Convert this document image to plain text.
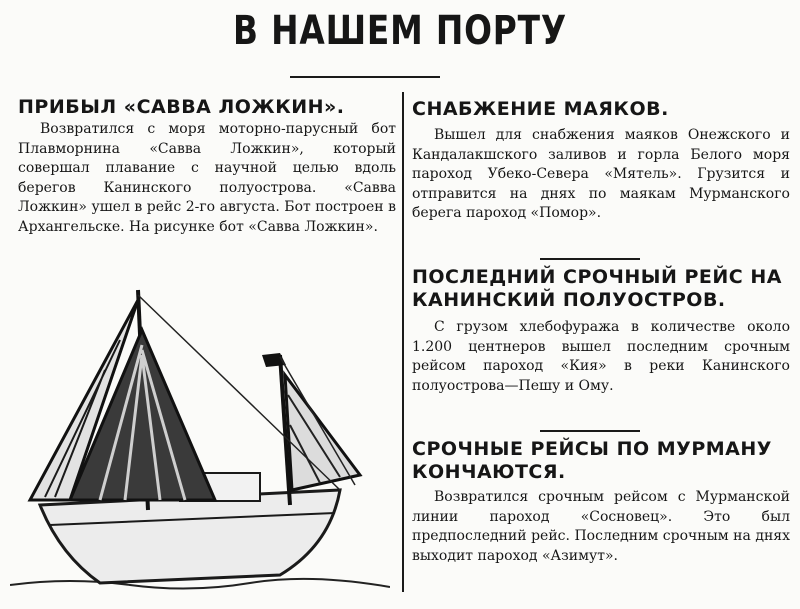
В НАШЕМ ПОРТУ
ПРИБЫЛ «САВВА ЛОЖКИН».

Возвратился с моря моторно-парусный бот Плавморнина «Савва Ложкин», который совершал плавание с научной целью вдоль берегов Канинского полуострова. «Савва Ложкин» ушел в рейс 2-го августа. Бот построен в Архангельске. На рисунке бот «Савва Ложкин».

СНАБЖЕНИЕ МАЯКОВ.

Вышел для снабжения маяков Онежского и Кандалакшского заливов и горла Белого моря пароход Убеко-Севера «Мятель». Грузится и отправится на днях по маякам Мурманского берега пароход «Помор».

ПОСЛЕДНИЙ СРОЧНЫЙ РЕЙС НА КАНИНСКИЙ ПОЛУОСТРОВ.

С грузом хлебофуража в количестве около 1.200 центнеров вышел последним срочным рейсом пароход «Кия» в реки Канинского полуострова—Пешу и Ому.

СРОЧНЫЕ РЕЙСЫ ПО МУРМАНУ КОНЧАЮТСЯ.

Возвратился срочным рейсом с Мурманской линии пароход «Сосновец». Это был предпоследний рейс. Последним срочным на днях выходит пароход «Азимут».
